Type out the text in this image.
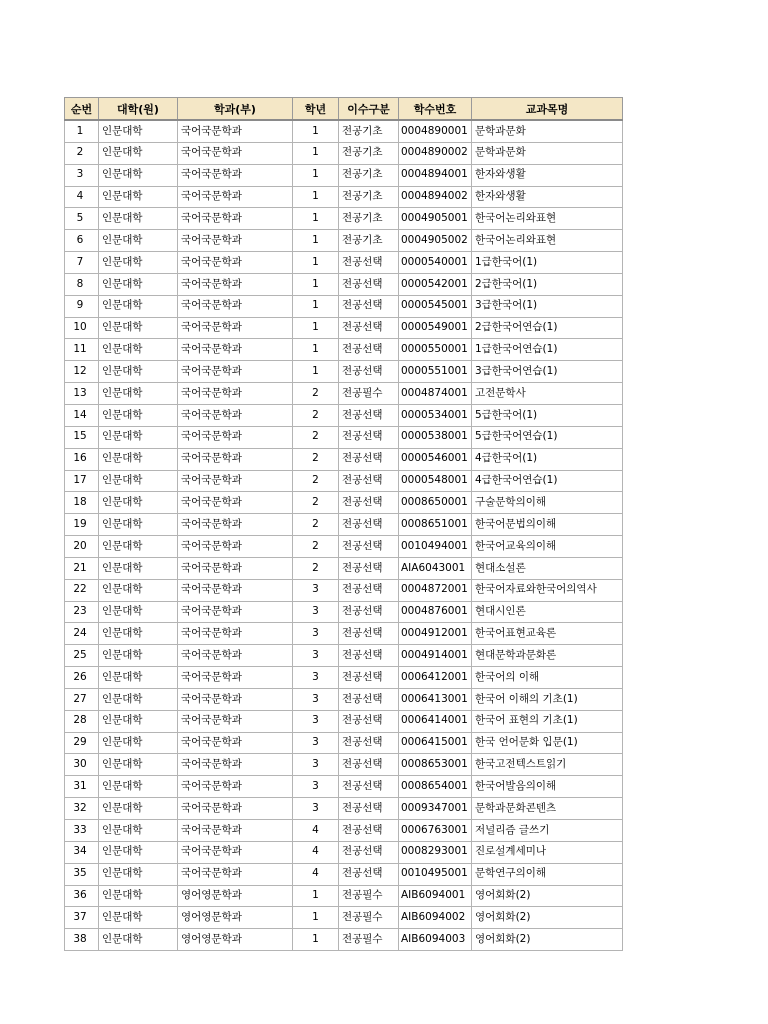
순번	대학(원)	학과(부)	학년	이수구분	학수번호	교과목명
1	인문대학	국어국문학과	1	전공기초	0004890001	문학과문화
2	인문대학	국어국문학과	1	전공기초	0004890002	문학과문화
3	인문대학	국어국문학과	1	전공기초	0004894001	한자와생활
4	인문대학	국어국문학과	1	전공기초	0004894002	한자와생활
5	인문대학	국어국문학과	1	전공기초	0004905001	한국어논리와표현
6	인문대학	국어국문학과	1	전공기초	0004905002	한국어논리와표현
7	인문대학	국어국문학과	1	전공선택	0000540001	1급한국어(1)
8	인문대학	국어국문학과	1	전공선택	0000542001	2급한국어(1)
9	인문대학	국어국문학과	1	전공선택	0000545001	3급한국어(1)
10	인문대학	국어국문학과	1	전공선택	0000549001	2급한국어연습(1)
11	인문대학	국어국문학과	1	전공선택	0000550001	1급한국어연습(1)
12	인문대학	국어국문학과	1	전공선택	0000551001	3급한국어연습(1)
13	인문대학	국어국문학과	2	전공필수	0004874001	고전문학사
14	인문대학	국어국문학과	2	전공선택	0000534001	5급한국어(1)
15	인문대학	국어국문학과	2	전공선택	0000538001	5급한국어연습(1)
16	인문대학	국어국문학과	2	전공선택	0000546001	4급한국어(1)
17	인문대학	국어국문학과	2	전공선택	0000548001	4급한국어연습(1)
18	인문대학	국어국문학과	2	전공선택	0008650001	구술문학의이해
19	인문대학	국어국문학과	2	전공선택	0008651001	한국어문법의이해
20	인문대학	국어국문학과	2	전공선택	0010494001	한국어교육의이해
21	인문대학	국어국문학과	2	전공선택	AIA6043001	현대소설론
22	인문대학	국어국문학과	3	전공선택	0004872001	한국어자료와한국어의역사
23	인문대학	국어국문학과	3	전공선택	0004876001	현대시인론
24	인문대학	국어국문학과	3	전공선택	0004912001	한국어표현교육론
25	인문대학	국어국문학과	3	전공선택	0004914001	현대문학과문화론
26	인문대학	국어국문학과	3	전공선택	0006412001	한국어의 이해
27	인문대학	국어국문학과	3	전공선택	0006413001	한국어 이해의 기초(1)
28	인문대학	국어국문학과	3	전공선택	0006414001	한국어 표현의 기초(1)
29	인문대학	국어국문학과	3	전공선택	0006415001	한국 언어문화 입문(1)
30	인문대학	국어국문학과	3	전공선택	0008653001	한국고전텍스트읽기
31	인문대학	국어국문학과	3	전공선택	0008654001	한국어발음의이해
32	인문대학	국어국문학과	3	전공선택	0009347001	문학과문화콘텐츠
33	인문대학	국어국문학과	4	전공선택	0006763001	저널리즘 글쓰기
34	인문대학	국어국문학과	4	전공선택	0008293001	진로설계세미나
35	인문대학	국어국문학과	4	전공선택	0010495001	문학연구의이해
36	인문대학	영어영문학과	1	전공필수	AIB6094001	영어회화(2)
37	인문대학	영어영문학과	1	전공필수	AIB6094002	영어회화(2)
38	인문대학	영어영문학과	1	전공필수	AIB6094003	영어회화(2)
